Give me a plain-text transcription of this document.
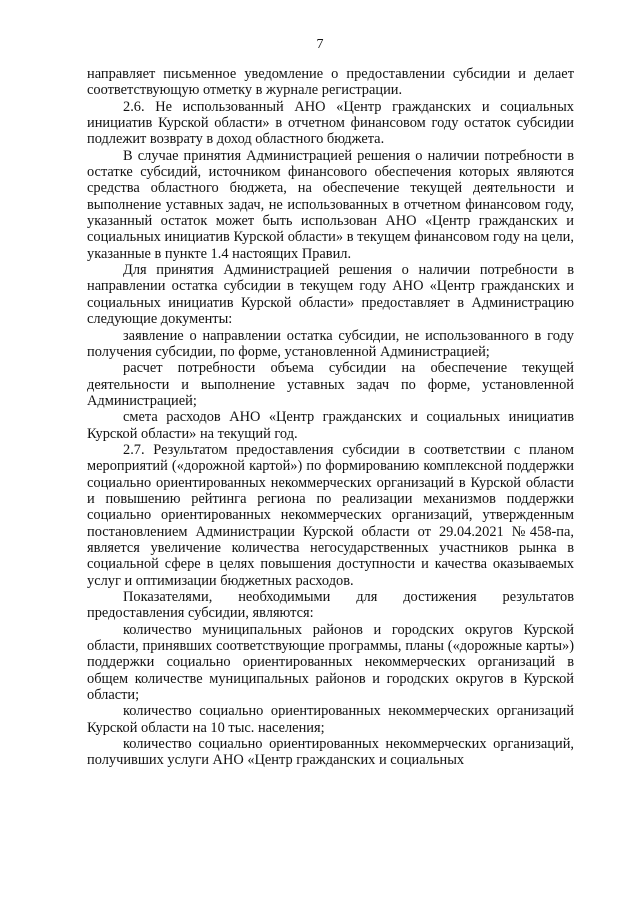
7

направляет письменное уведомление о предоставлении субсидии и делает соответствующую отметку в журнале регистрации.

2.6. Не использованный АНО «Центр гражданских и социальных инициатив Курской области» в отчетном финансовом году остаток субсидии подлежит возврату в доход областного бюджета.

В случае принятия Администрацией решения о наличии потребности в остатке субсидий, источником финансового обеспечения которых являются средства областного бюджета, на обеспечение текущей деятельности и выполнение уставных задач, не использованных в отчетном финансовом году, указанный остаток может быть использован АНО «Центр гражданских и социальных инициатив Курской области» в текущем финансовом году на цели, указанные в пункте 1.4 настоящих Правил.

Для принятия Администрацией решения о наличии потребности в направлении остатка субсидии в текущем году АНО «Центр гражданских и социальных инициатив Курской области» предоставляет в Администрацию следующие документы:

заявление о направлении остатка субсидии, не использованного в году получения субсидии, по форме, установленной Администрацией;

расчет потребности объема субсидии на обеспечение текущей деятельности и выполнение уставных задач по форме, установленной Администрацией;

смета расходов АНО «Центр гражданских и социальных инициатив Курской области» на текущий год.

2.7. Результатом предоставления субсидии в соответствии с планом мероприятий («дорожной картой») по формированию комплексной поддержки социально ориентированных некоммерческих организаций в Курской области и повышению рейтинга региона по реализации механизмов поддержки социально ориентированных некоммерческих организаций, утвержденным постановлением Администрации Курской области от 29.04.2021 №458-па, является увеличение количества негосударственных участников рынка в социальной сфере в целях повышения доступности и качества оказываемых услуг и оптимизации бюджетных расходов.

Показателями, необходимыми для достижения результатов предоставления субсидии, являются:

количество муниципальных районов и городских округов Курской области, принявших соответствующие программы, планы («дорожные карты») поддержки социально ориентированных некоммерческих организаций в общем количестве муниципальных районов и городских округов в Курской области;

количество социально ориентированных некоммерческих организаций Курской области на 10 тыс. населения;

количество социально ориентированных некоммерческих организаций, получивших услуги АНО «Центр гражданских и социальных
